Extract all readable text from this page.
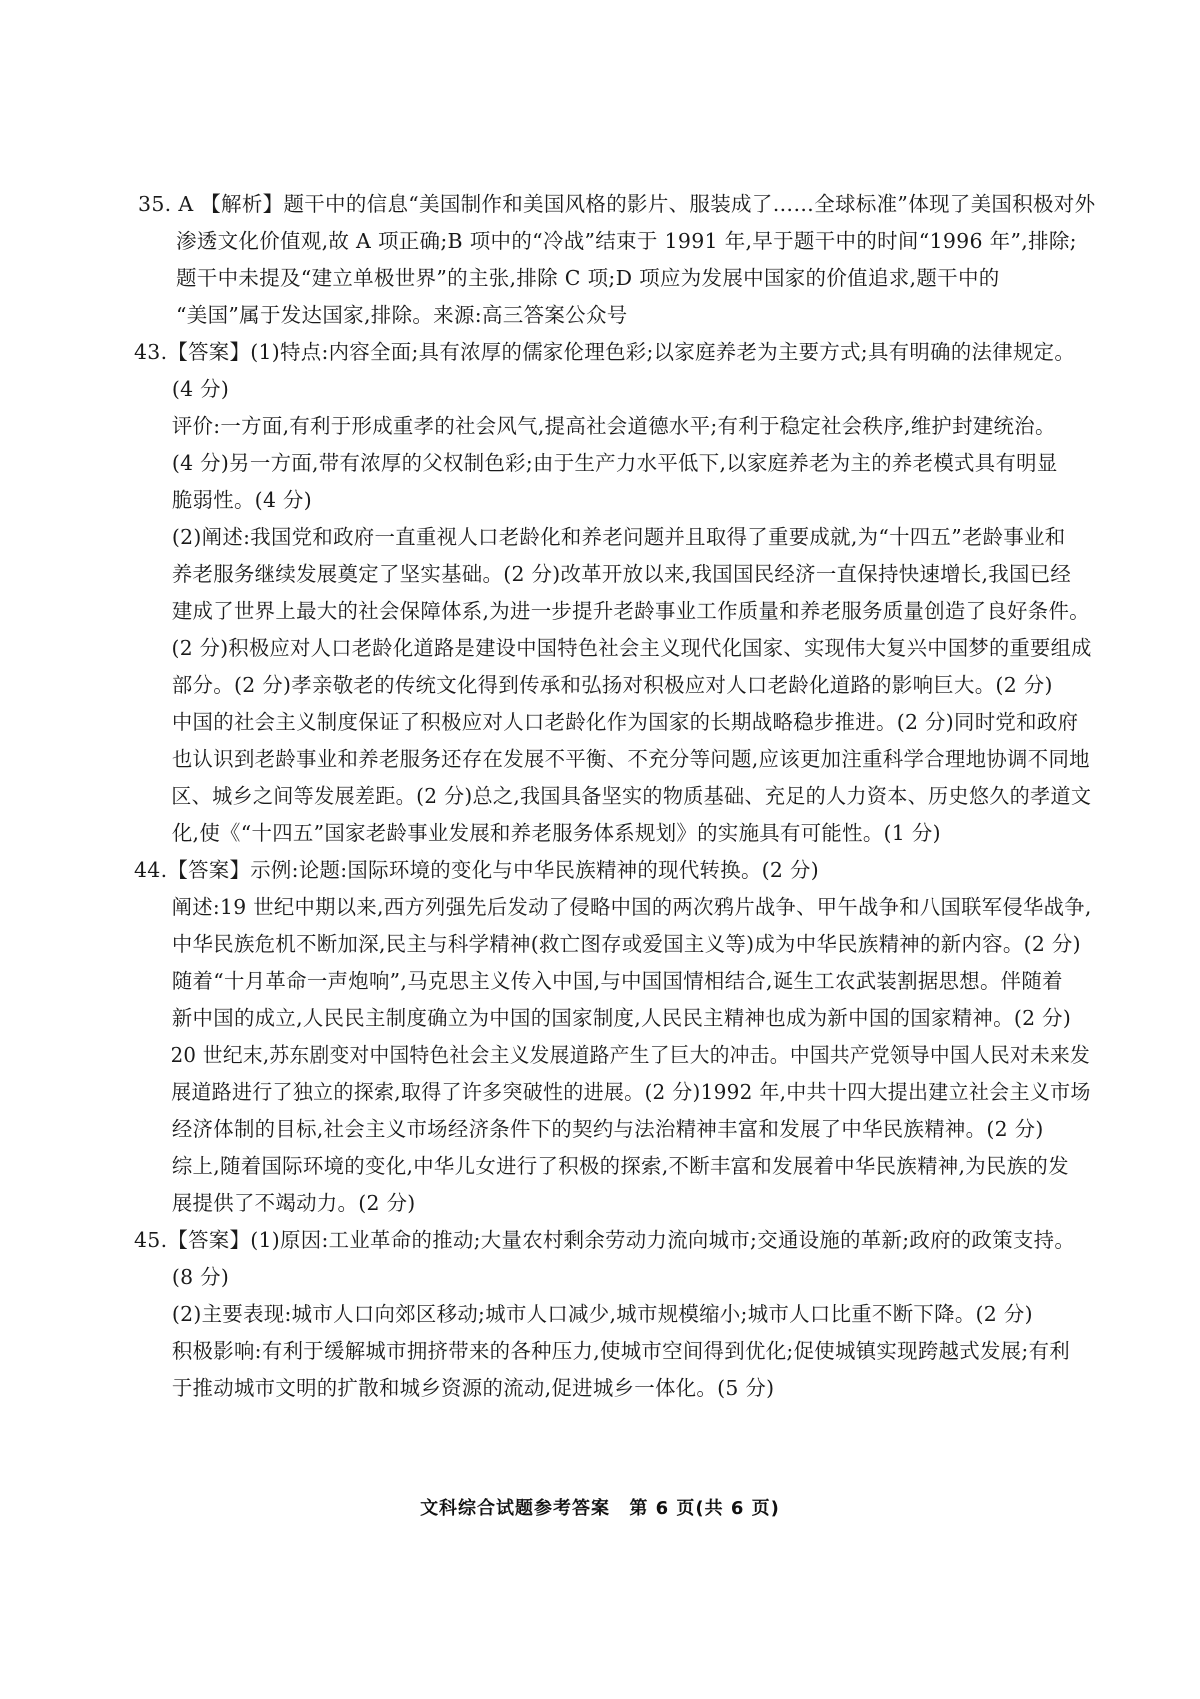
35. A 【解析】题干中的信息“美国制作和美国风格的影片、服装成了……全球标准”体现了美国积极对外
渗透文化价值观,故 A 项正确;B 项中的“冷战”结束于 1991 年,早于题干中的时间“1996 年”,排除;
题干中未提及“建立单极世界”的主张,排除 C 项;D 项应为发展中国家的价值追求,题干中的
“美国”属于发达国家,排除。来源:高三答案公众号
43.【答案】(1)特点:内容全面;具有浓厚的儒家伦理色彩;以家庭养老为主要方式;具有明确的法律规定。
(4 分)
评价:一方面,有利于形成重孝的社会风气,提高社会道德水平;有利于稳定社会秩序,维护封建统治。
(4 分)另一方面,带有浓厚的父权制色彩;由于生产力水平低下,以家庭养老为主的养老模式具有明显
脆弱性。(4 分)
(2)阐述:我国党和政府一直重视人口老龄化和养老问题并且取得了重要成就,为“十四五”老龄事业和
养老服务继续发展奠定了坚实基础。(2 分)改革开放以来,我国国民经济一直保持快速增长,我国已经
建成了世界上最大的社会保障体系,为进一步提升老龄事业工作质量和养老服务质量创造了良好条件。
(2 分)积极应对人口老龄化道路是建设中国特色社会主义现代化国家、实现伟大复兴中国梦的重要组成
部分。(2 分)孝亲敬老的传统文化得到传承和弘扬对积极应对人口老龄化道路的影响巨大。(2 分)
中国的社会主义制度保证了积极应对人口老龄化作为国家的长期战略稳步推进。(2 分)同时党和政府
也认识到老龄事业和养老服务还存在发展不平衡、不充分等问题,应该更加注重科学合理地协调不同地
区、城乡之间等发展差距。(2 分)总之,我国具备坚实的物质基础、充足的人力资本、历史悠久的孝道文
化,使《“十四五”国家老龄事业发展和养老服务体系规划》的实施具有可能性。(1 分)
44.【答案】示例:论题:国际环境的变化与中华民族精神的现代转换。(2 分)
阐述:19 世纪中期以来,西方列强先后发动了侵略中国的两次鸦片战争、甲午战争和八国联军侵华战争,
中华民族危机不断加深,民主与科学精神(救亡图存或爱国主义等)成为中华民族精神的新内容。(2 分)
随着“十月革命一声炮响”,马克思主义传入中国,与中国国情相结合,诞生工农武装割据思想。伴随着
新中国的成立,人民民主制度确立为中国的国家制度,人民民主精神也成为新中国的国家精神。(2 分)
20 世纪末,苏东剧变对中国特色社会主义发展道路产生了巨大的冲击。中国共产党领导中国人民对未来发
展道路进行了独立的探索,取得了许多突破性的进展。(2 分)1992 年,中共十四大提出建立社会主义市场
经济体制的目标,社会主义市场经济条件下的契约与法治精神丰富和发展了中华民族精神。(2 分)
综上,随着国际环境的变化,中华儿女进行了积极的探索,不断丰富和发展着中华民族精神,为民族的发
展提供了不竭动力。(2 分)
45.【答案】(1)原因:工业革命的推动;大量农村剩余劳动力流向城市;交通设施的革新;政府的政策支持。
(8 分)
(2)主要表现:城市人口向郊区移动;城市人口减少,城市规模缩小;城市人口比重不断下降。(2 分)
积极影响:有利于缓解城市拥挤带来的各种压力,使城市空间得到优化;促使城镇实现跨越式发展;有利
于推动城市文明的扩散和城乡资源的流动,促进城乡一体化。(5 分)
文科综合试题参考答案 第 6 页(共 6 页)
